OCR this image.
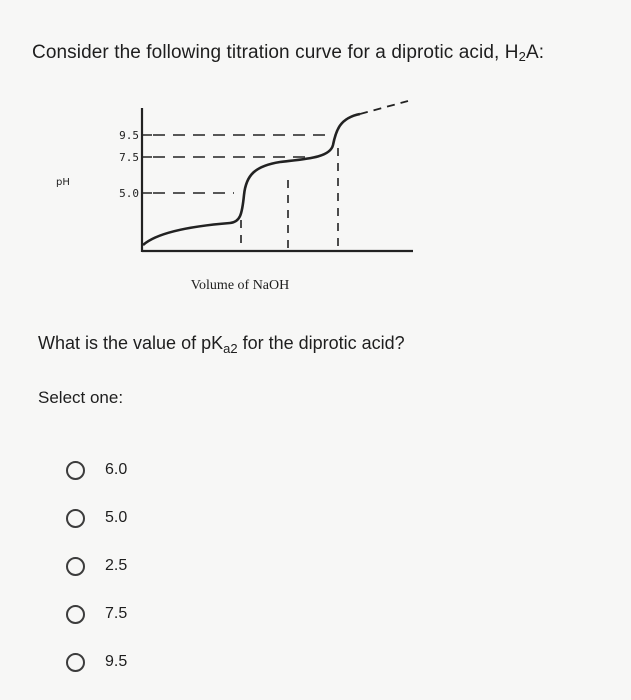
Consider the following titration curve for a diprotic acid, $H_2A$:
9.5
7.5
5.0
pH
Volume of NaOH
What is the value of $pK_{a2}$ for the diprotic acid?
Select one:
6.0
5.0
2.5
7.5
9.5
